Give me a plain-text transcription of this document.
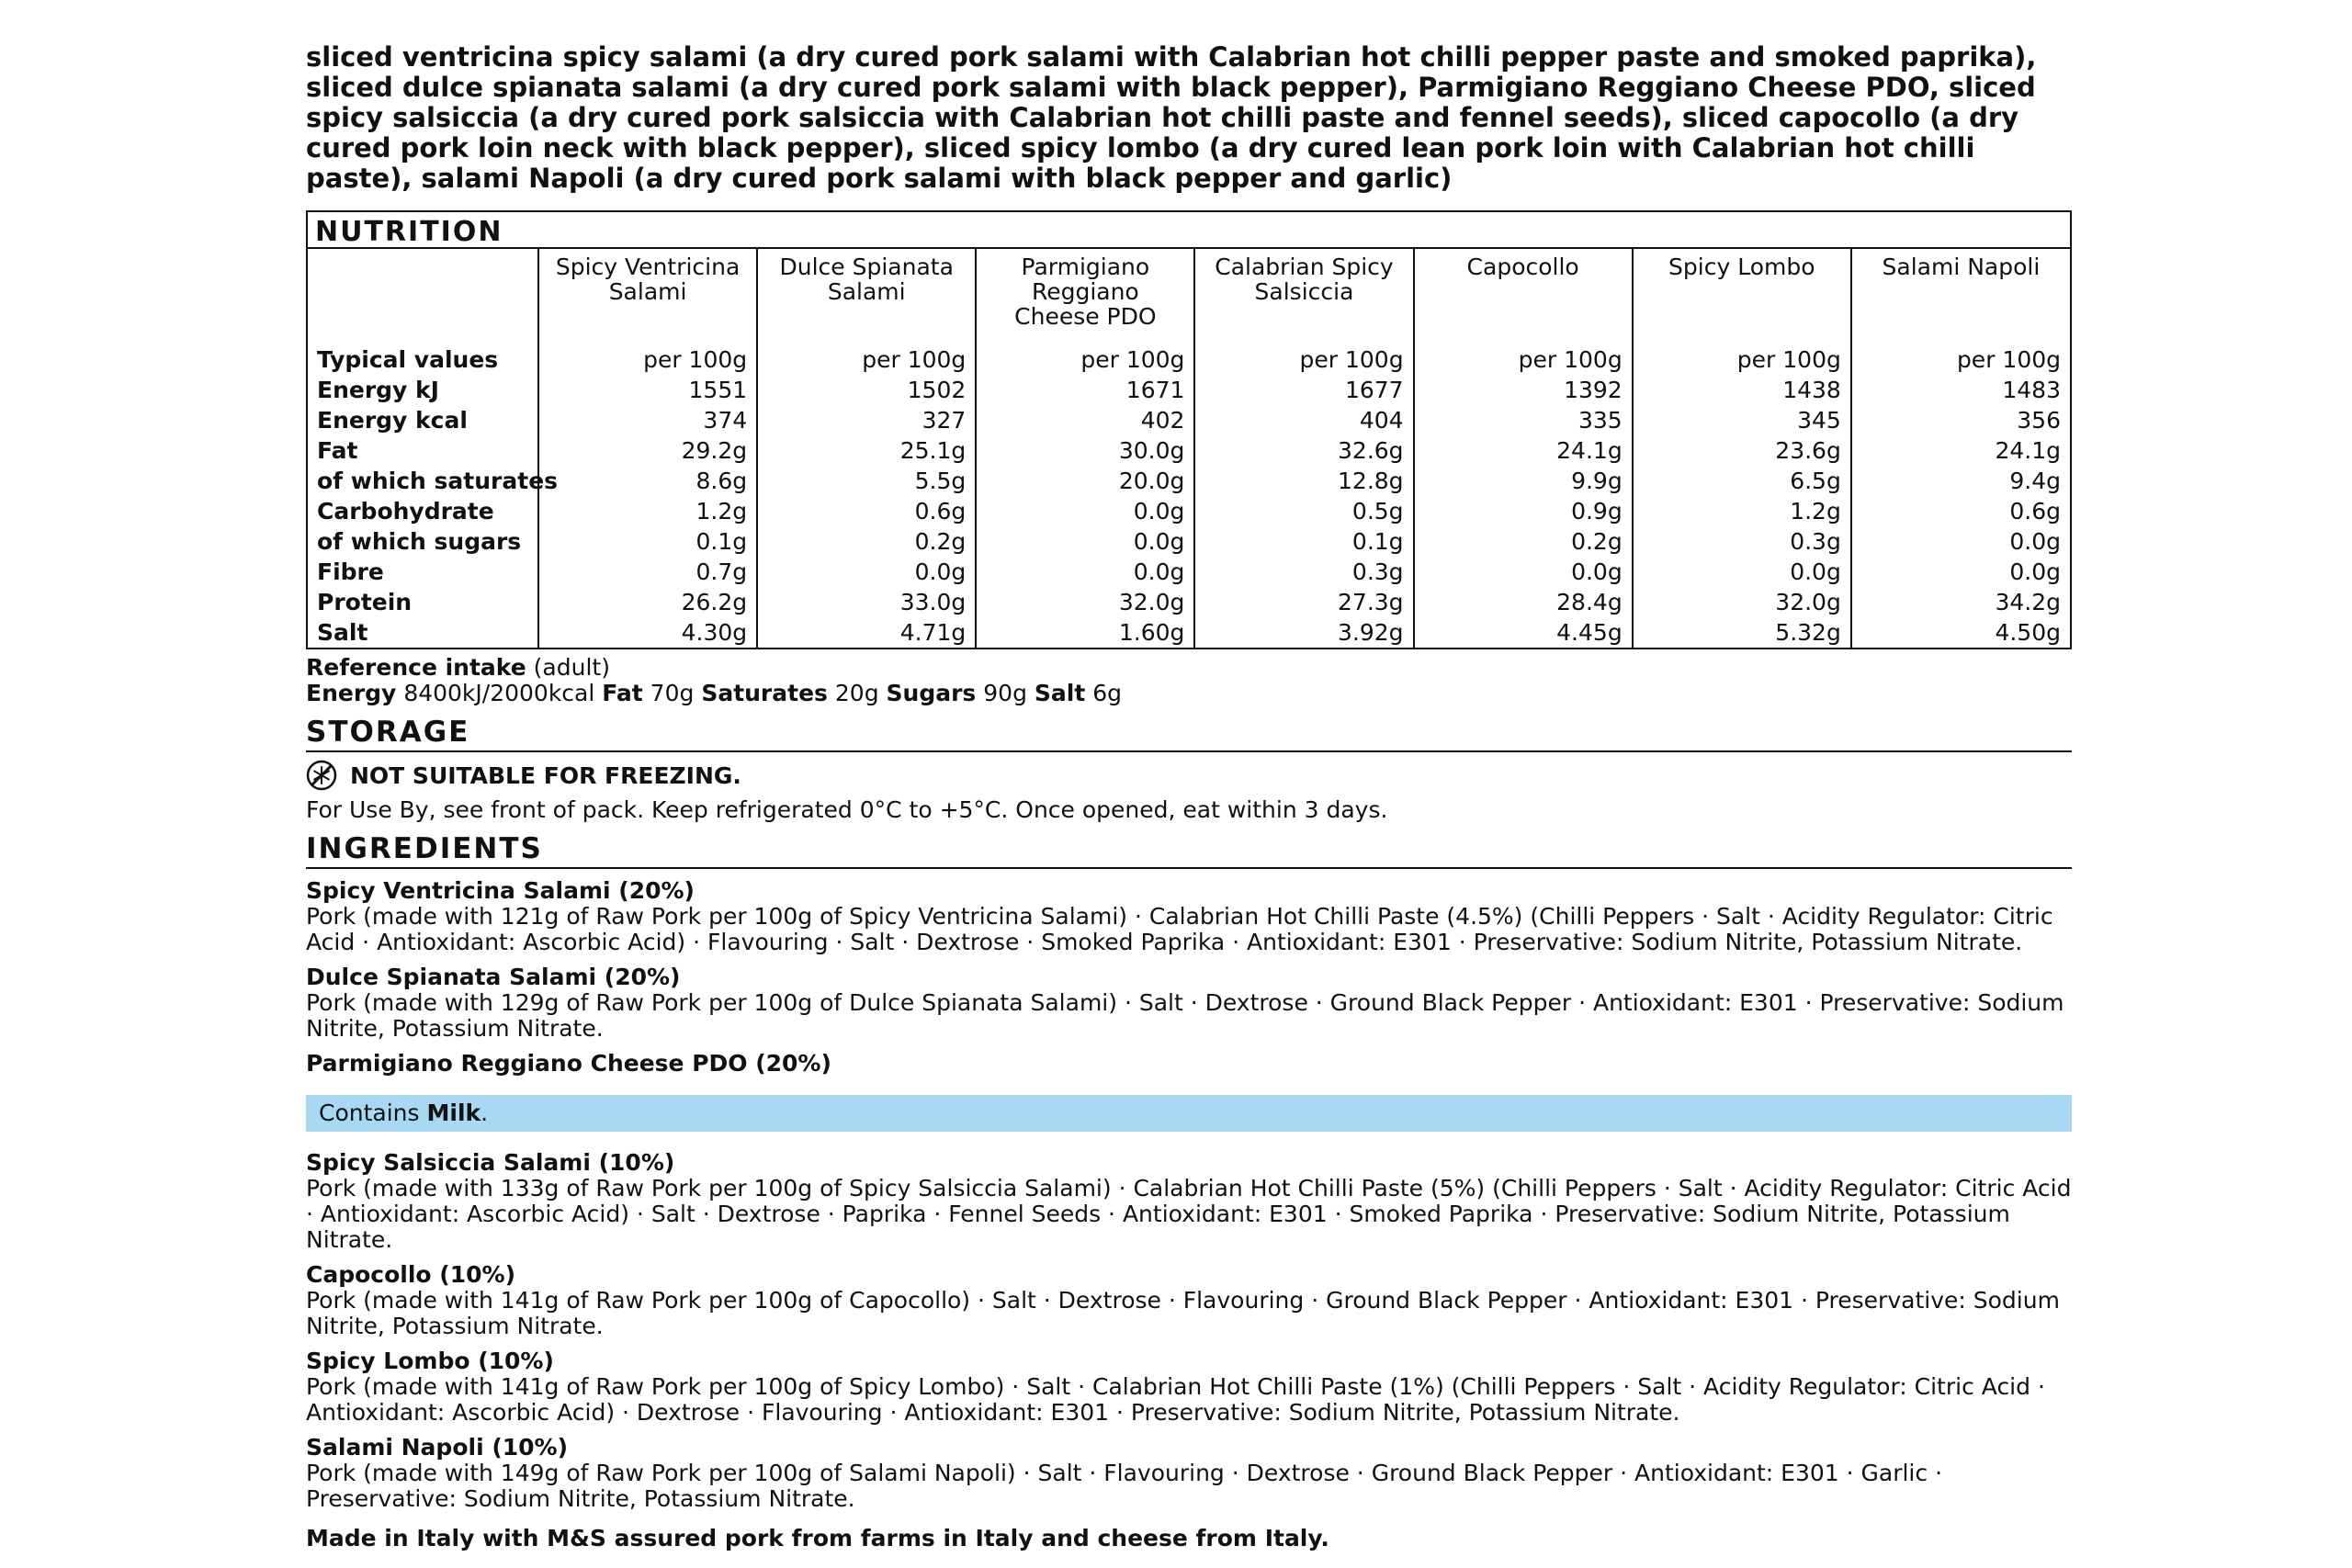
sliced ventricina spicy salami (a dry cured pork salami with Calabrian hot chilli pepper paste and smoked paprika), sliced dulce spianata salami (a dry cured pork salami with black pepper), Parmigiano Reggiano Cheese PDO, sliced spicy salsiccia (a dry cured pork salsiccia with Calabrian hot chilli paste and fennel seeds), sliced capocollo (a dry cured pork loin neck with black pepper), sliced spicy lombo (a dry cured lean pork loin with Calabrian hot chilli paste), salami Napoli (a dry cured pork salami with black pepper and garlic)

NUTRITION
	Spicy Ventricina Salami	Dulce Spianata Salami	Parmigiano Reggiano Cheese PDO	Calabrian Spicy Salsiccia	Capocollo	Spicy Lombo	Salami Napoli
Typical values	per 100g	per 100g	per 100g	per 100g	per 100g	per 100g	per 100g
Energy kJ	1551	1502	1671	1677	1392	1438	1483
Energy kcal	374	327	402	404	335	345	356
Fat	29.2g	25.1g	30.0g	32.6g	24.1g	23.6g	24.1g
of which saturates	8.6g	5.5g	20.0g	12.8g	9.9g	6.5g	9.4g
Carbohydrate	1.2g	0.6g	0.0g	0.5g	0.9g	1.2g	0.6g
of which sugars	0.1g	0.2g	0.0g	0.1g	0.2g	0.3g	0.0g
Fibre	0.7g	0.0g	0.0g	0.3g	0.0g	0.0g	0.0g
Protein	26.2g	33.0g	32.0g	27.3g	28.4g	32.0g	34.2g
Salt	4.30g	4.71g	1.60g	3.92g	4.45g	5.32g	4.50g
Reference intake (adult)
Energy 8400kJ/2000kcal Fat 70g Saturates 20g Sugars 90g Salt 6g
STORAGE
NOT SUITABLE FOR FREEZING.
For Use By, see front of pack. Keep refrigerated 0°C to +5°C. Once opened, eat within 3 days.
INGREDIENTS
Spicy Ventricina Salami (20%)
Pork (made with 121g of Raw Pork per 100g of Spicy Ventricina Salami) · Calabrian Hot Chilli Paste (4.5%) (Chilli Peppers · Salt · Acidity Regulator: Citric Acid · Antioxidant: Ascorbic Acid) · Flavouring · Salt · Dextrose · Smoked Paprika · Antioxidant: E301 · Preservative: Sodium Nitrite, Potassium Nitrate.
Dulce Spianata Salami (20%)
Pork (made with 129g of Raw Pork per 100g of Dulce Spianata Salami) · Salt · Dextrose · Ground Black Pepper · Antioxidant: E301 · Preservative: Sodium Nitrite, Potassium Nitrate.
Parmigiano Reggiano Cheese PDO (20%)
Contains Milk.
Spicy Salsiccia Salami (10%)
Pork (made with 133g of Raw Pork per 100g of Spicy Salsiccia Salami) · Calabrian Hot Chilli Paste (5%) (Chilli Peppers · Salt · Acidity Regulator: Citric Acid · Antioxidant: Ascorbic Acid) · Salt · Dextrose · Paprika · Fennel Seeds · Antioxidant: E301 · Smoked Paprika · Preservative: Sodium Nitrite, Potassium Nitrate.
Capocollo (10%)
Pork (made with 141g of Raw Pork per 100g of Capocollo) · Salt · Dextrose · Flavouring · Ground Black Pepper · Antioxidant: E301 · Preservative: Sodium Nitrite, Potassium Nitrate.
Spicy Lombo (10%)
Pork (made with 141g of Raw Pork per 100g of Spicy Lombo) · Salt · Calabrian Hot Chilli Paste (1%) (Chilli Peppers · Salt · Acidity Regulator: Citric Acid · Antioxidant: Ascorbic Acid) · Dextrose · Flavouring · Antioxidant: E301 · Preservative: Sodium Nitrite, Potassium Nitrate.
Salami Napoli (10%)
Pork (made with 149g of Raw Pork per 100g of Salami Napoli) · Salt · Flavouring · Dextrose · Ground Black Pepper · Antioxidant: E301 · Garlic · Preservative: Sodium Nitrite, Potassium Nitrate.
Made in Italy with M&S assured pork from farms in Italy and cheese from Italy.
